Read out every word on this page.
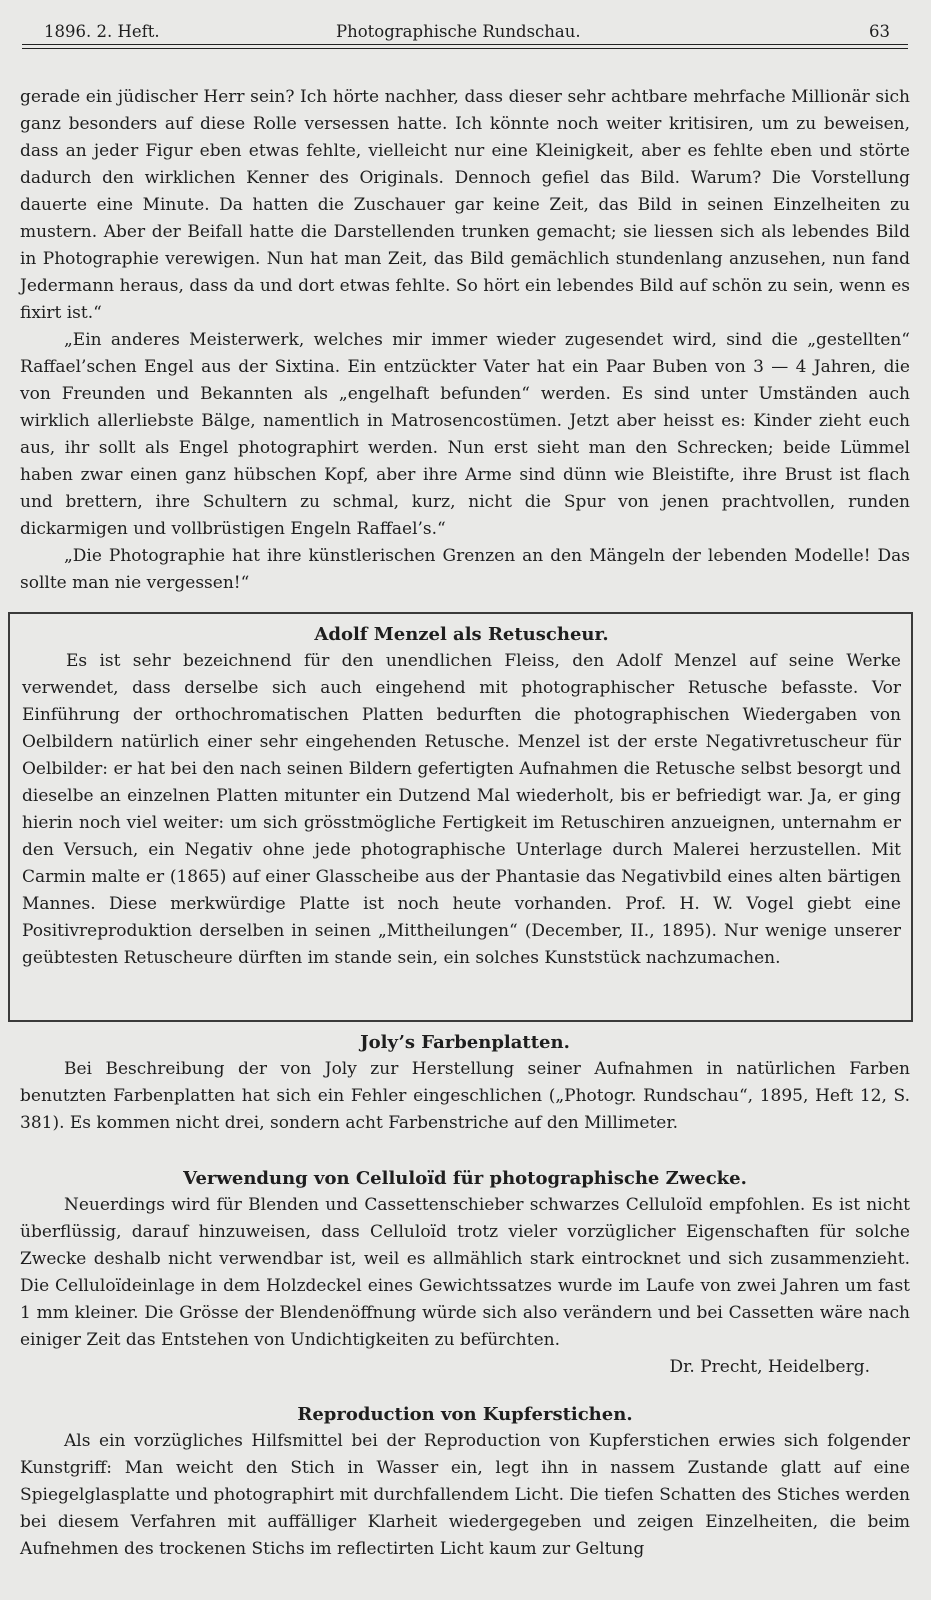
1896. 2. Heft.	Photographische Rundschau.	63

gerade ein jüdischer Herr sein? Ich hörte nachher, dass dieser sehr achtbare mehrfache Millionär sich ganz besonders auf diese Rolle versessen hatte. Ich könnte noch weiter kritisiren, um zu beweisen, dass an jeder Figur eben etwas fehlte, vielleicht nur eine Kleinigkeit, aber es fehlte eben und störte dadurch den wirklichen Kenner des Originals. Dennoch gefiel das Bild. Warum? Die Vorstellung dauerte eine Minute. Da hatten die Zuschauer gar keine Zeit, das Bild in seinen Einzelheiten zu mustern. Aber der Beifall hatte die Darstellenden trunken gemacht; sie liessen sich als lebendes Bild in Photographie verewigen. Nun hat man Zeit, das Bild gemächlich stundenlang anzusehen, nun fand Jedermann heraus, dass da und dort etwas fehlte. So hört ein lebendes Bild auf schön zu sein, wenn es fixirt ist.“

„Ein anderes Meisterwerk, welches mir immer wieder zugesendet wird, sind die „gestellten“ Raffael’schen Engel aus der Sixtina. Ein entzückter Vater hat ein Paar Buben von 3 — 4 Jahren, die von Freunden und Bekannten als „engelhaft befunden“ werden. Es sind unter Umständen auch wirklich allerliebste Bälge, namentlich in Matrosencostümen. Jetzt aber heisst es: Kinder zieht euch aus, ihr sollt als Engel photographirt werden. Nun erst sieht man den Schrecken; beide Lümmel haben zwar einen ganz hübschen Kopf, aber ihre Arme sind dünn wie Bleistifte, ihre Brust ist flach und brettern, ihre Schultern zu schmal, kurz, nicht die Spur von jenen prachtvollen, runden dickarmigen und vollbrüstigen Engeln Raffael’s.“

„Die Photographie hat ihre künstlerischen Grenzen an den Mängeln der lebenden Modelle! Das sollte man nie vergessen!“

Adolf Menzel als Retuscheur.

Es ist sehr bezeichnend für den unendlichen Fleiss, den Adolf Menzel auf seine Werke verwendet, dass derselbe sich auch eingehend mit photographischer Retusche befasste. Vor Einführung der orthochromatischen Platten bedurften die photographischen Wiedergaben von Oelbildern natürlich einer sehr eingehenden Retusche. Menzel ist der erste Negativretuscheur für Oelbilder: er hat bei den nach seinen Bildern gefertigten Aufnahmen die Retusche selbst besorgt und dieselbe an einzelnen Platten mitunter ein Dutzend Mal wiederholt, bis er befriedigt war. Ja, er ging hierin noch viel weiter: um sich grösstmögliche Fertigkeit im Retuschiren anzueignen, unternahm er den Versuch, ein Negativ ohne jede photographische Unterlage durch Malerei herzustellen. Mit Carmin malte er (1865) auf einer Glasscheibe aus der Phantasie das Negativbild eines alten bärtigen Mannes. Diese merkwürdige Platte ist noch heute vorhanden. Prof. H. W. Vogel giebt eine Positivreproduktion derselben in seinen „Mittheilungen“ (December, II., 1895). Nur wenige unserer geübtesten Retuscheure dürften im stande sein, ein solches Kunststück nachzumachen.

Joly’s Farbenplatten.

Bei Beschreibung der von Joly zur Herstellung seiner Aufnahmen in natürlichen Farben benutzten Farbenplatten hat sich ein Fehler eingeschlichen („Photogr. Rundschau“, 1895, Heft 12, S. 381). Es kommen nicht drei, sondern acht Farbenstriche auf den Millimeter.

Verwendung von Celluloïd für photographische Zwecke.

Neuerdings wird für Blenden und Cassettenschieber schwarzes Celluloïd empfohlen. Es ist nicht überflüssig, darauf hinzuweisen, dass Celluloïd trotz vieler vorzüglicher Eigenschaften für solche Zwecke deshalb nicht verwendbar ist, weil es allmählich stark eintrocknet und sich zusammenzieht. Die Celluloïdeinlage in dem Holzdeckel eines Gewichtssatzes wurde im Laufe von zwei Jahren um fast 1 mm kleiner. Die Grösse der Blendenöffnung würde sich also verändern und bei Cassetten wäre nach einiger Zeit das Entstehen von Undichtigkeiten zu befürchten.

Dr. Precht, Heidelberg.

Reproduction von Kupferstichen.

Als ein vorzügliches Hilfsmittel bei der Reproduction von Kupferstichen erwies sich folgender Kunstgriff: Man weicht den Stich in Wasser ein, legt ihn in nassem Zustande glatt auf eine Spiegelglasplatte und photographirt mit durchfallendem Licht. Die tiefen Schatten des Stiches werden bei diesem Verfahren mit auffälliger Klarheit wiedergegeben und zeigen Einzelheiten, die beim Aufnehmen des trockenen Stichs im reflectirten Licht kaum zur Geltung
